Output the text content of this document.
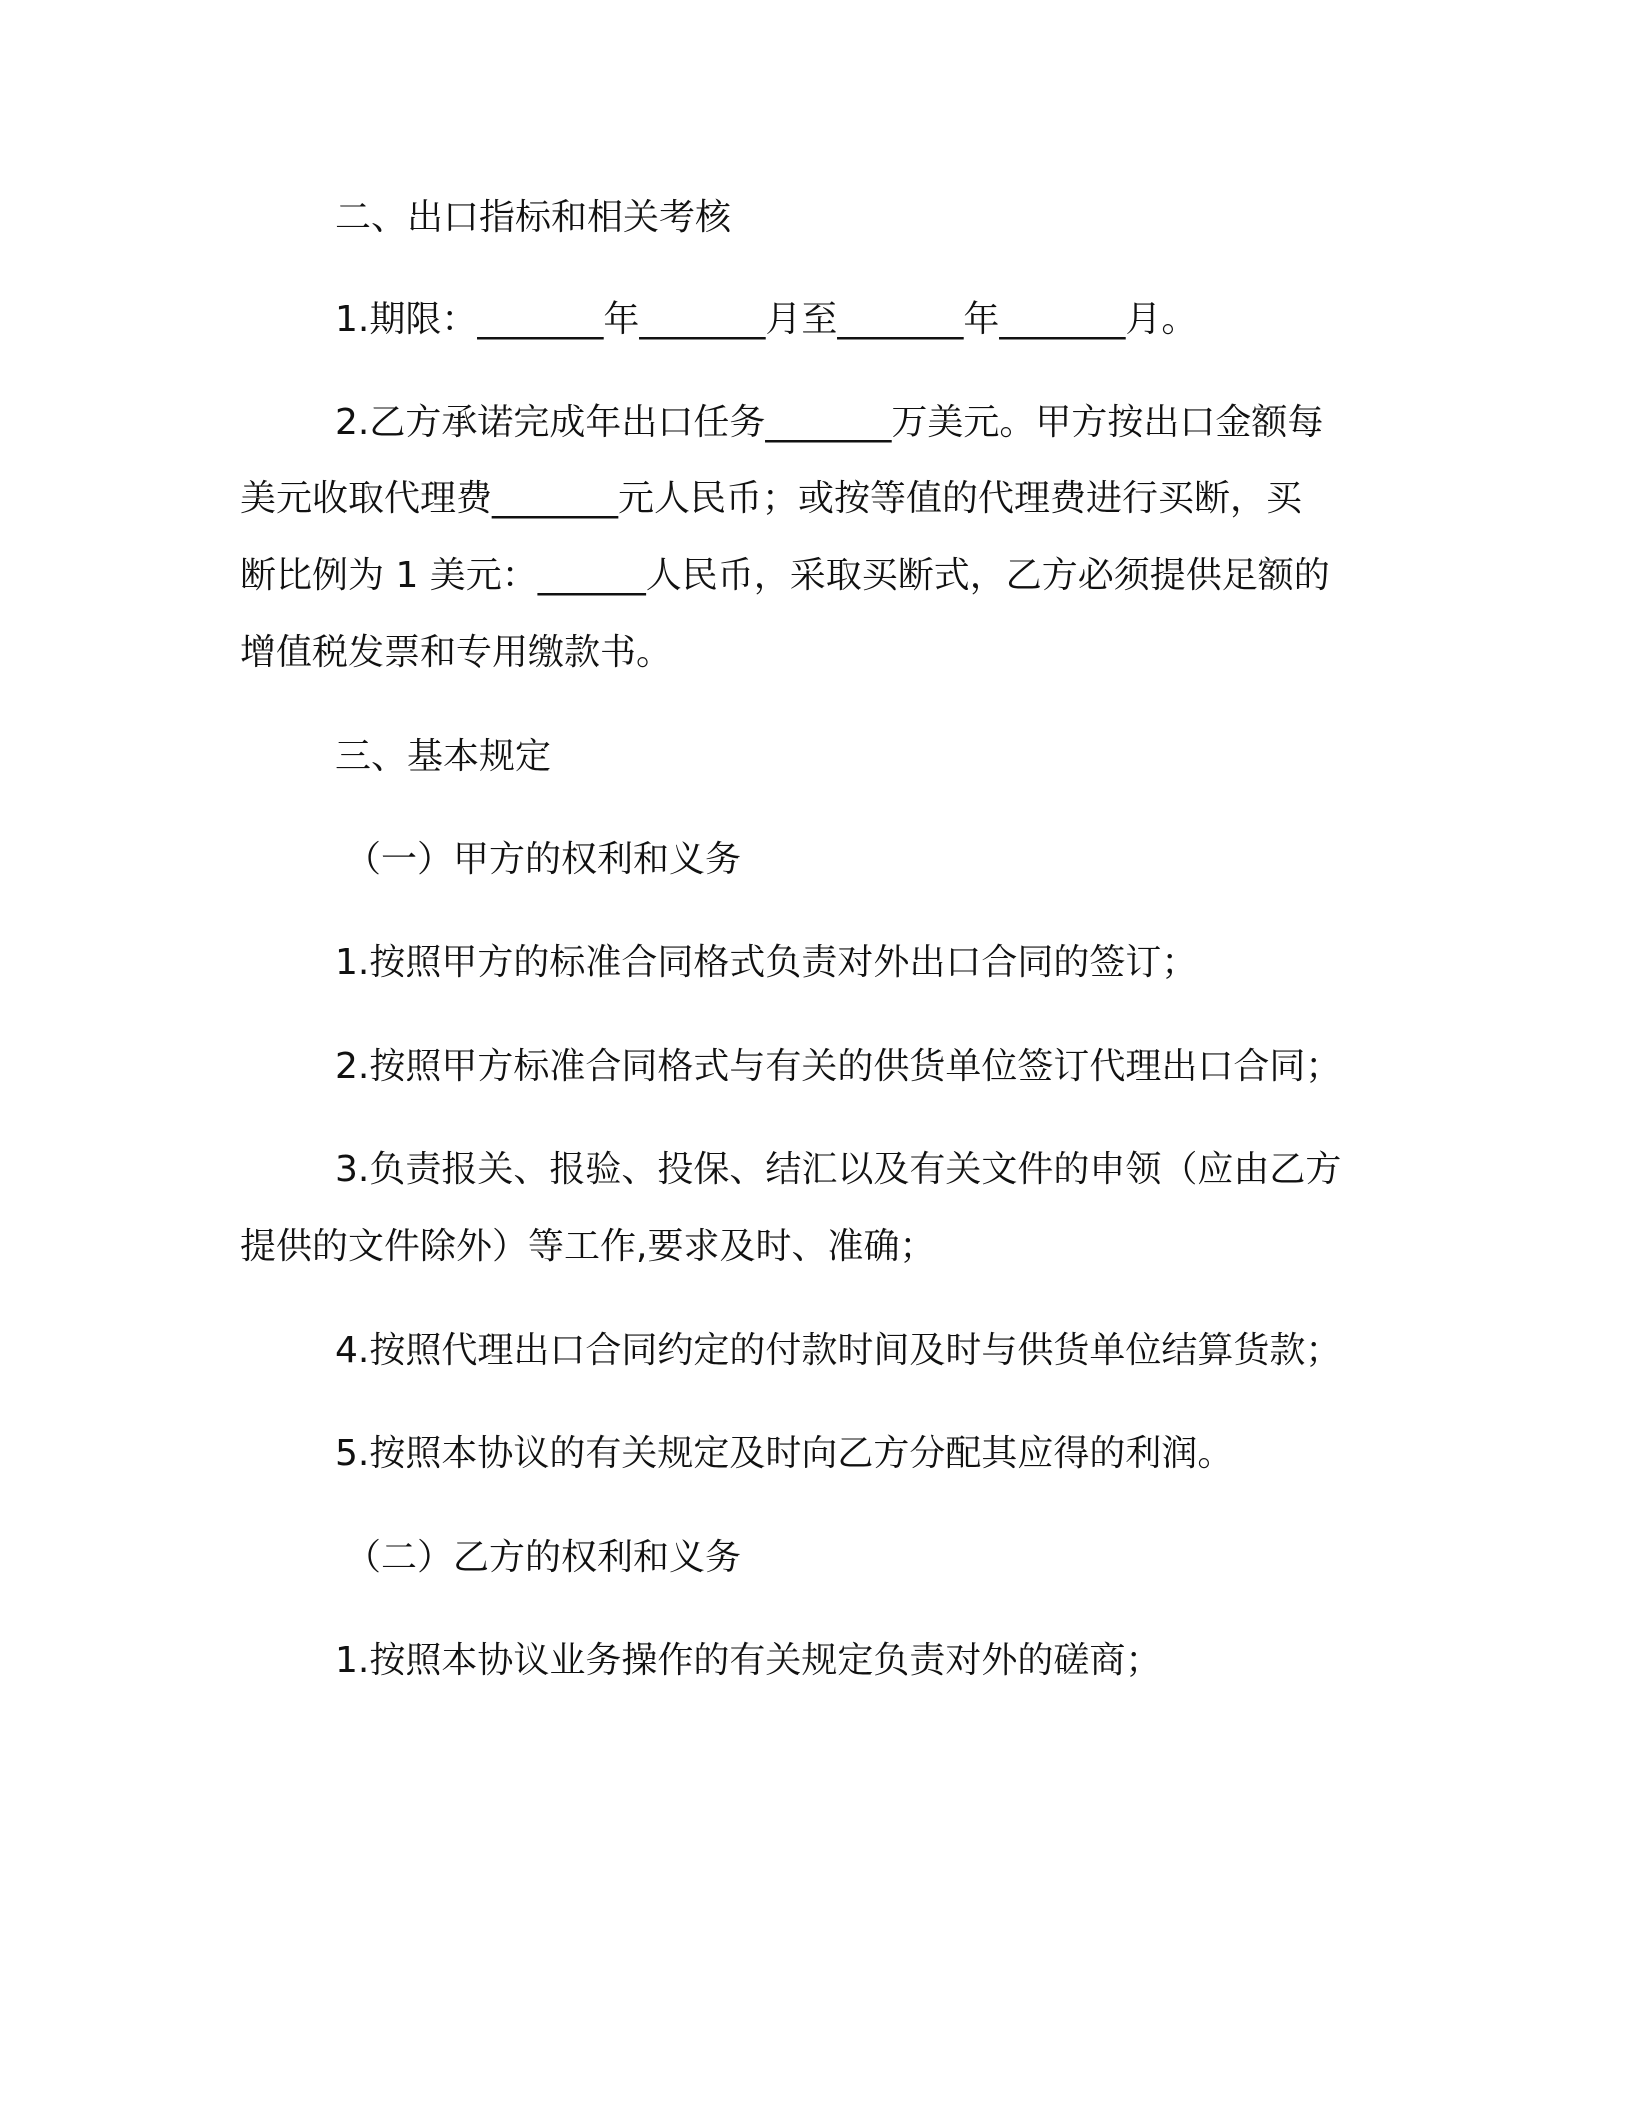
二、出口指标和相关考核
1.期限：_______年_______月至_______年_______月。
2.乙方承诺完成年出口任务_______万美元。甲方按出口金额每
美元收取代理费_______元人民币；或按等值的代理费进行买断，买
断比例为 1 美元：______人民币，采取买断式，乙方必须提供足额的
增值税发票和专用缴款书。
三、基本规定
（一）甲方的权利和义务
1.按照甲方的标准合同格式负责对外出口合同的签订；
2.按照甲方标准合同格式与有关的供货单位签订代理出口合同；
3.负责报关、报验、投保、结汇以及有关文件的申领（应由乙方
提供的文件除外）等工作,要求及时、准确；
4.按照代理出口合同约定的付款时间及时与供货单位结算货款；
5.按照本协议的有关规定及时向乙方分配其应得的利润。
（二）乙方的权利和义务
1.按照本协议业务操作的有关规定负责对外的磋商；
